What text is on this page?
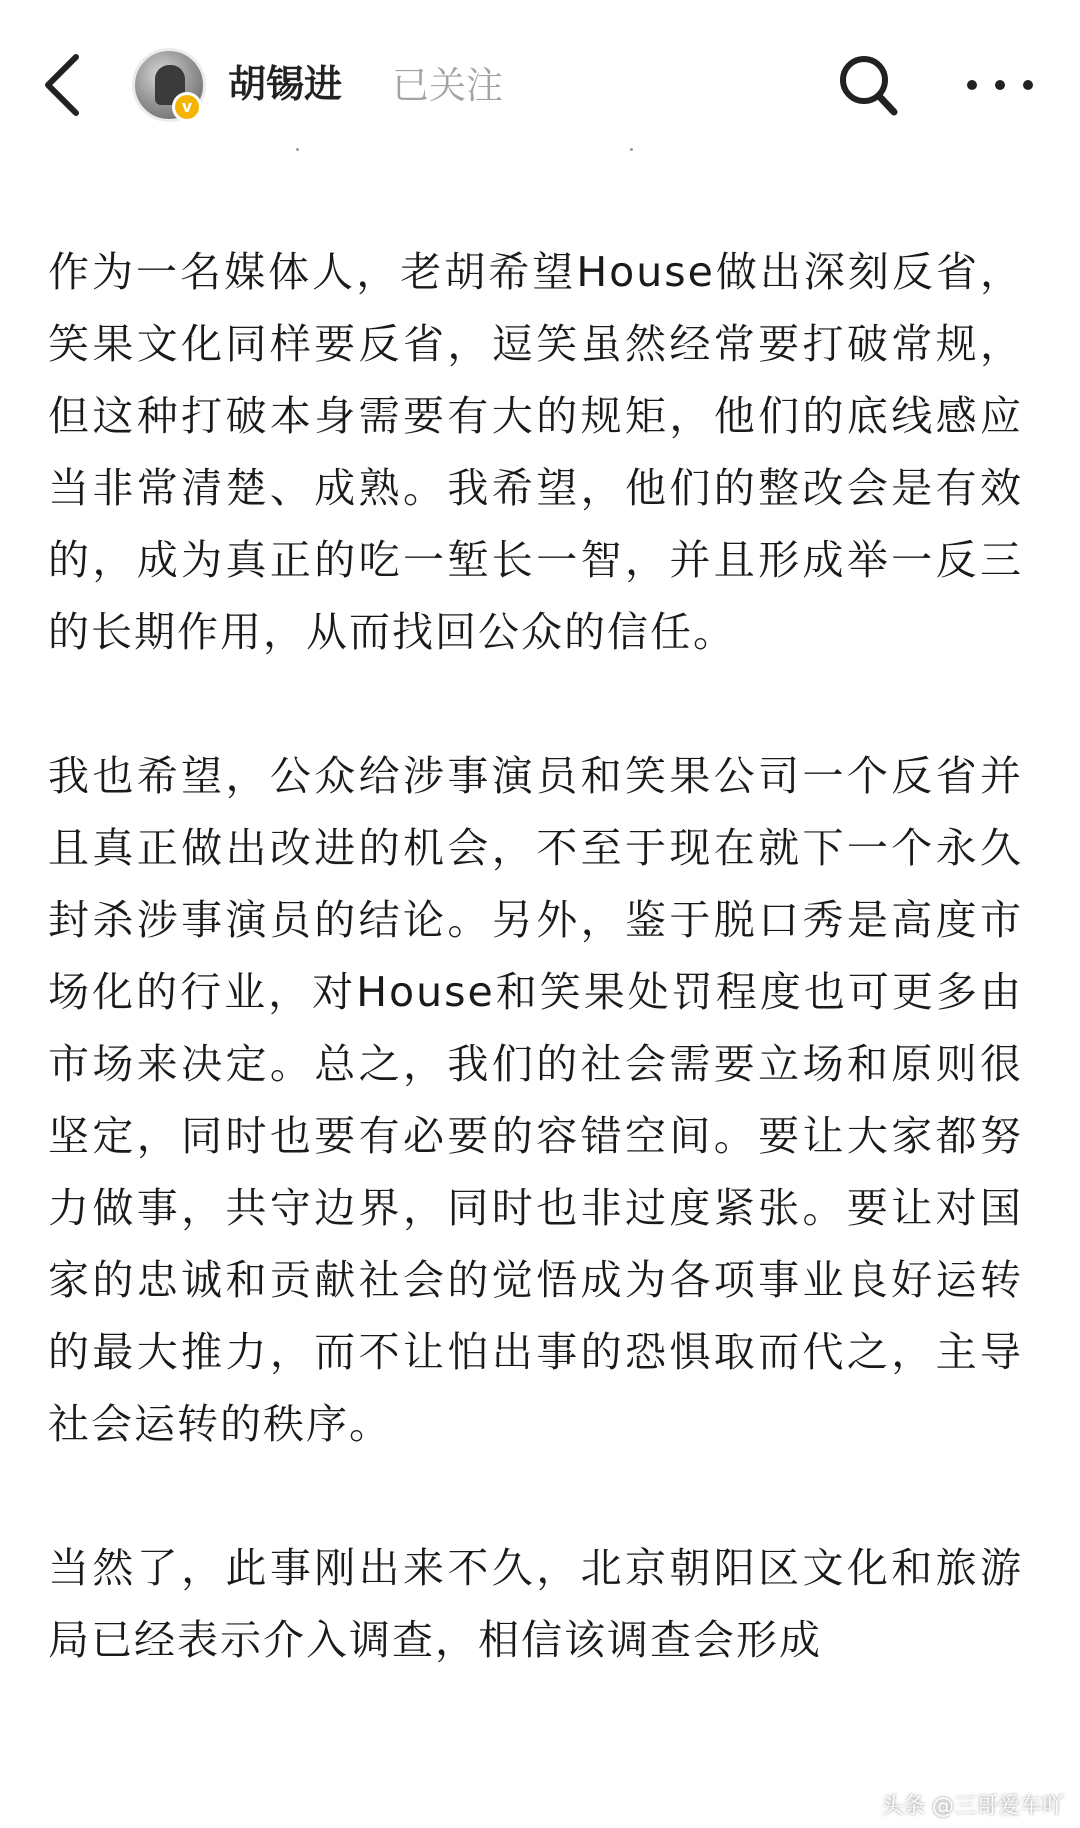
v
胡锡进 已关注

作为一名媒体人，老胡希望House做出深刻反省，笑果文化同样要反省，逗笑虽然经常要打破常规，但这种打破本身需要有大的规矩，他们的底线感应当非常清楚、成熟。我希望，他们的整改会是有效的，成为真正的吃一堑长一智，并且形成举一反三的长期作用，从而找回公众的信任。

我也希望，公众给涉事演员和笑果公司一个反省并且真正做出改进的机会，不至于现在就下一个永久封杀涉事演员的结论。另外，鉴于脱口秀是高度市场化的行业，对House和笑果处罚程度也可更多由市场来决定。总之，我们的社会需要立场和原则很坚定，同时也要有必要的容错空间。要让大家都努力做事，共守边界，同时也非过度紧张。要让对国家的忠诚和贡献社会的觉悟成为各项事业良好运转的最大推力，而不让怕出事的恐惧取而代之，主导社会运转的秩序。

当然了，此事刚出来不久，北京朝阳区文化和旅游局已经表示介入调查，相信该调查会形成

头条 @三哥爱车吖
